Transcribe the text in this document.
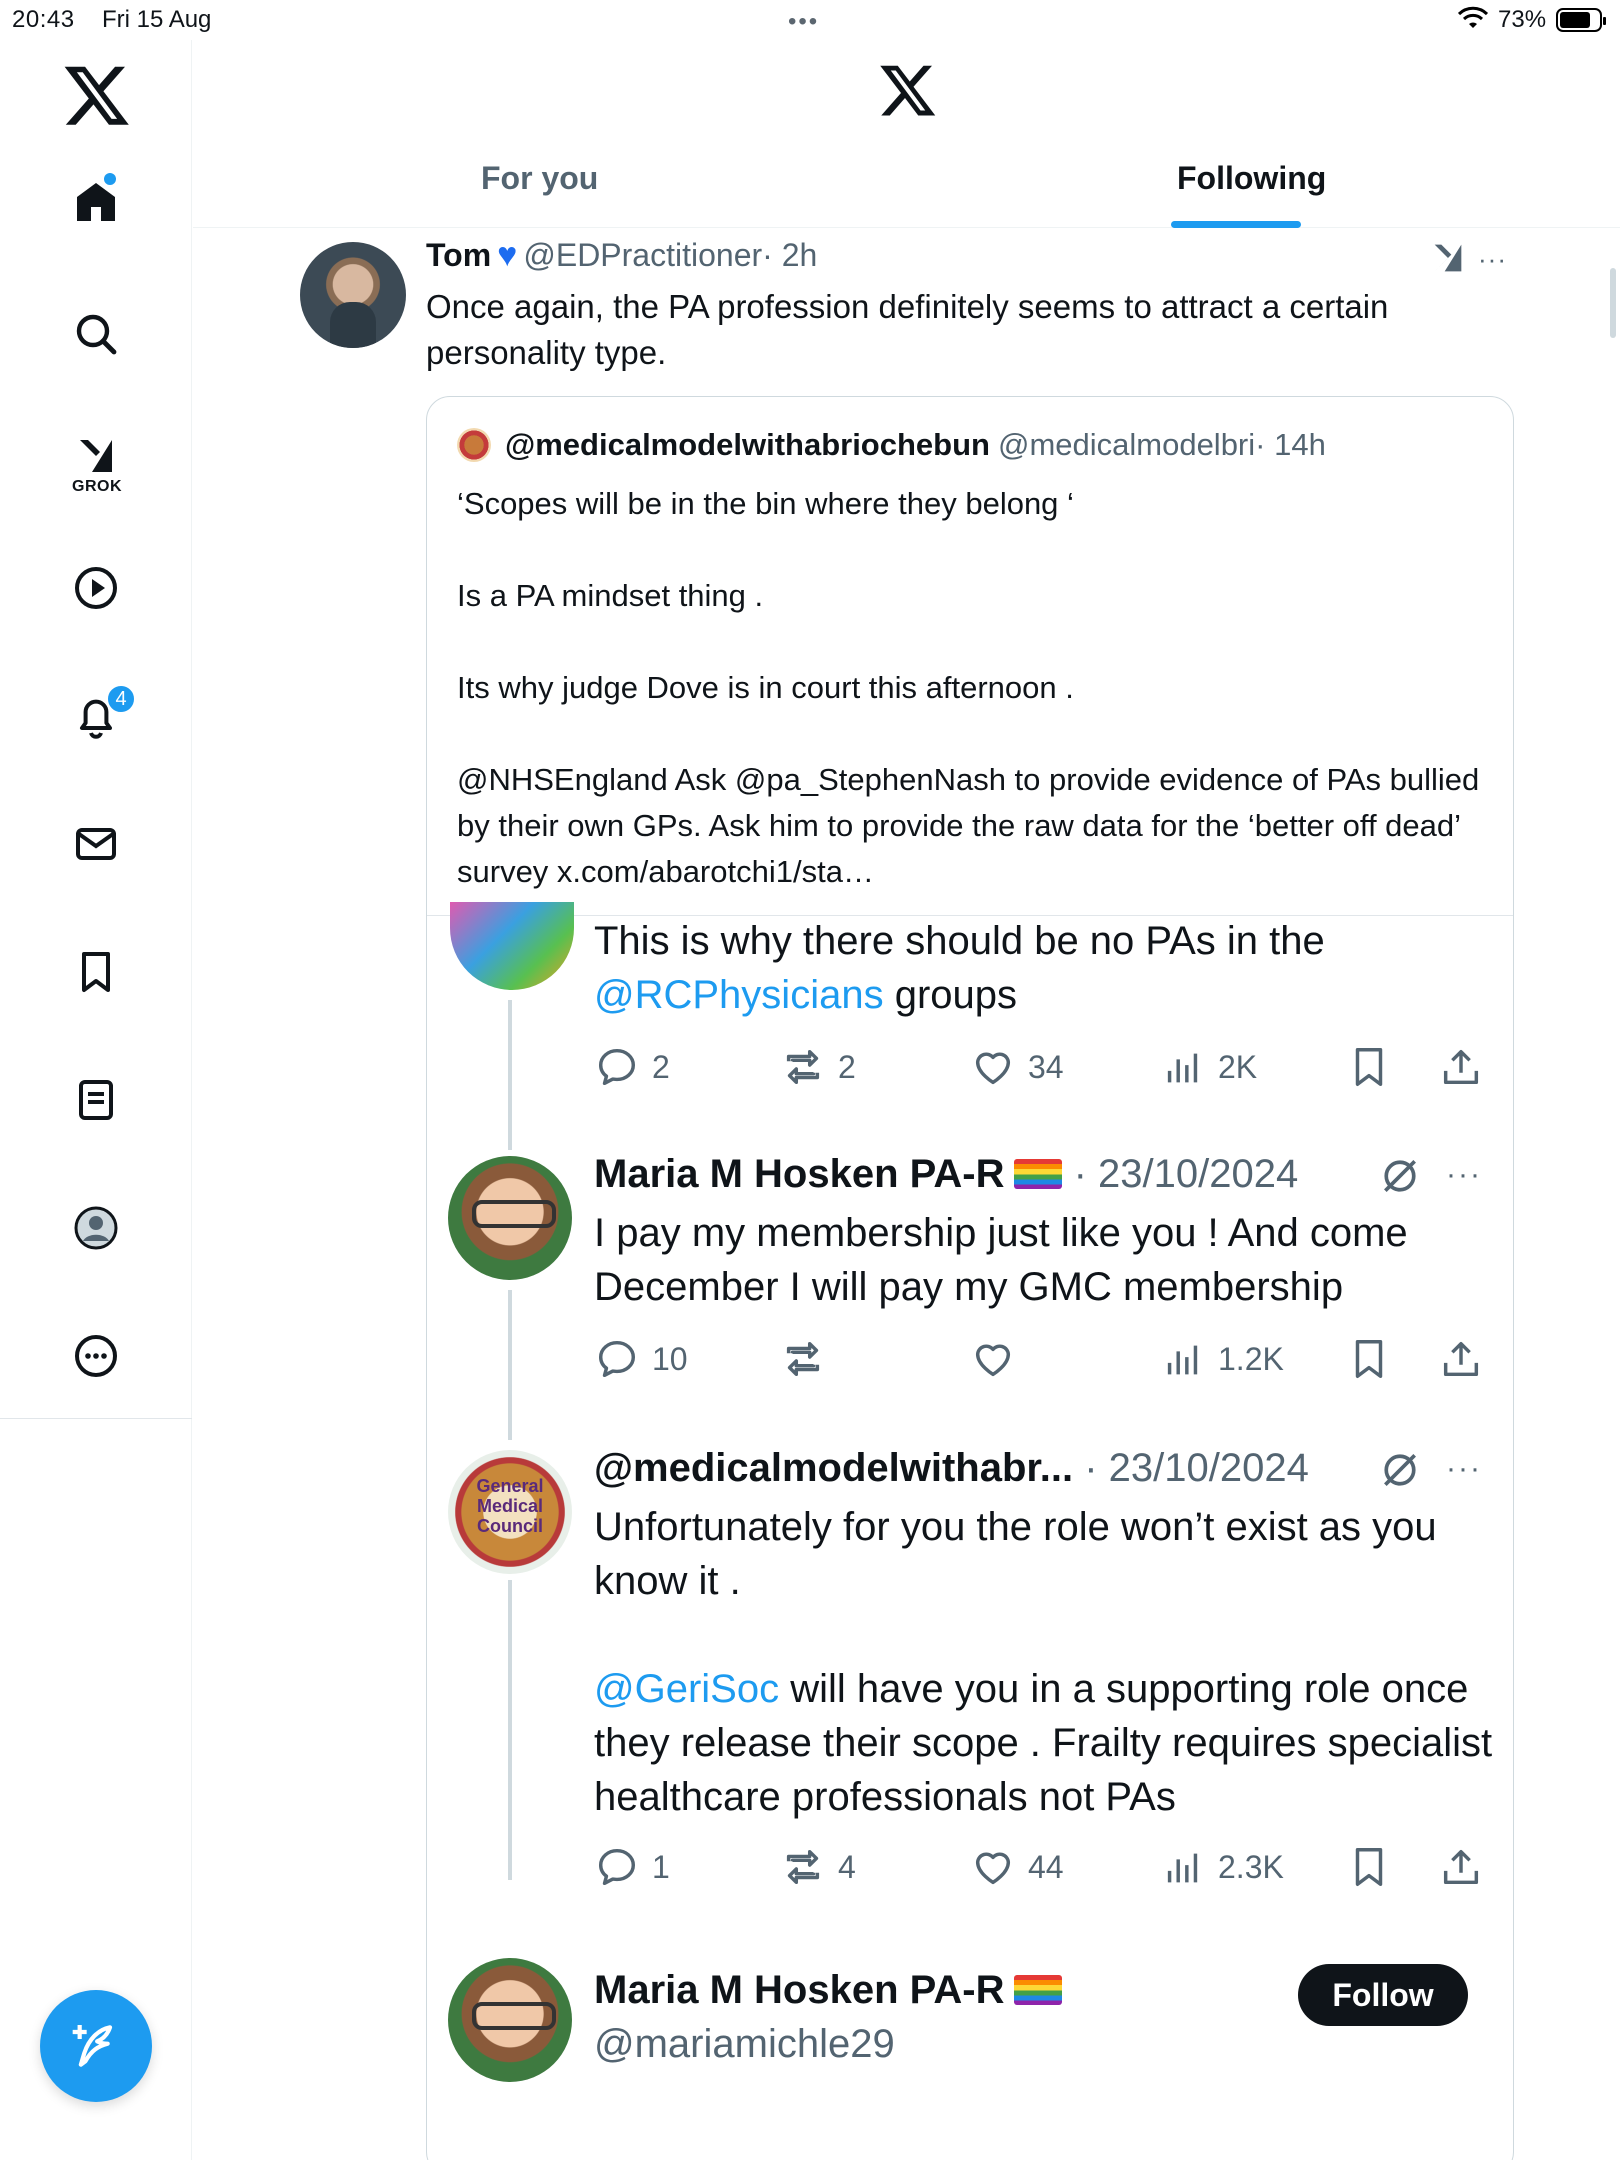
20:43 Fri 15 Aug	•••	73%
GROK
4
For you	Following
Tom ♥ @EDPractitioner· 2h	···
Once again, the PA profession definitely seems to attract a certain personality type.
@medicalmodelwithabriochebun @medicalmodelbri · 14h

‘Scopes will be in the bin where they belong ‘

Is a PA mindset thing .

Its why judge Dove is in court this afternoon .

@NHSEngland Ask @pa_StephenNash to provide evidence of PAs bullied by their own GPs. Ask him to provide the raw data for the ‘better off dead’ survey x.com/abarotchi1/sta…

This is why there should be no PAs in the
@RCPhysicians groups
2	2	34	2K
Maria M Hosken PA-R · 23/10/2024	···
I pay my membership just like you ! And come December I will pay my GMC membership
10	1.2K
General Medical Council
@medicalmodelwithabr... · 23/10/2024	···
Unfortunately for you the role won’t exist as you know it .
@GeriSoc will have you in a supporting role once they release their scope . Frailty requires specialist healthcare professionals not PAs
1	4	44	2.3K
Maria M Hosken PA-R
@mariamichle29
Follow
